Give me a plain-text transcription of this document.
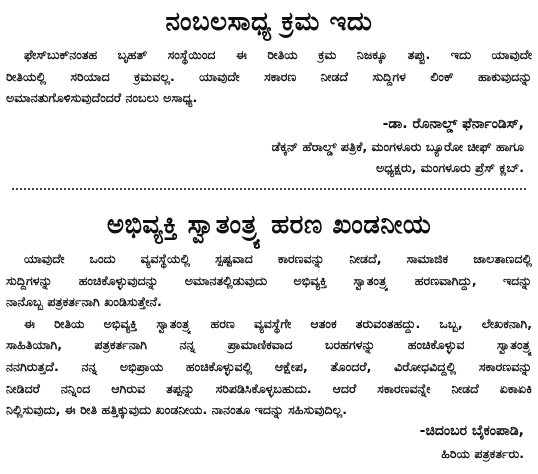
ನಂಬಲಸಾಧ್ಯ ಕ್ರಮ ಇದು
ಫೇಸ್‌ಬುಕ್‌ನಂತಹ ಬೃಹತ್ ಸಂಸ್ಥೆಯಿಂದ ಈ ರೀತಿಯ ಕ್ರಮ ನಿಜಕ್ಕೂ ತಪ್ಪು. ಇದು ಯಾವುದೇ
ರೀತಿಯಲ್ಲಿ ಸರಿಯಾದ ಕ್ರಮವಲ್ಲ. ಯಾವುದೇ ಸಕಾರಣ ನೀಡದೆ ಸುದ್ದಿಗಳ ಲಿಂಕ್ ಹಾಕುವುದನ್ನು
ಅಮಾನತುಗೊಳಿಸುವುದೆಂದರೆ ನಂಬಲು ಅಸಾಧ್ಯ.
-ಡಾ. ರೊನಾಲ್ಡ್ ಫೆರ್ನಾಂಡಿಸ್,
ಡೆಕ್ಕನ್ ಹೆರಾಲ್ಡ್ ಪತ್ರಿಕೆ, ಮಂಗಳೂರು ಬ್ಯೂರೋ ಚೀಫ್ ಹಾಗೂ
ಅಧ್ಯಕ್ಷರು, ಮಂಗಳೂರು ಪ್ರೆಸ್ ಕ್ಲಬ್.
ಅಭಿವ್ಯಕ್ತಿ ಸ್ವಾತಂತ್ರ್ಯ ಹರಣ ಖಂಡನೀಯ
ಯಾವುದೇ ಒಂದು ವ್ಯವಸ್ಥೆಯಲ್ಲಿ ಸ್ಪಷ್ಟವಾದ ಕಾರಣವನ್ನು ನೀಡದೆ, ಸಾಮಾಜಿಕ ಜಾಲತಾಣದಲ್ಲಿ
ಸುದ್ದಿಗಳನ್ನು ಹಂಚಿಕೊಳ್ಳುವುದನ್ನು ಅಮಾನತಲ್ಲಿಡುವುದು ಅಭಿವ್ಯಕ್ತಿ ಸ್ವಾತಂತ್ರ್ಯ ಹರಣವಾಗಿದ್ದು, ಇದನ್ನು
ನಾನೊಬ್ಬ ಪತ್ರಕರ್ತನಾಗಿ ಖಂಡಿಸುತ್ತೇನೆ.
ಈ ರೀತಿಯ ಅಭಿವ್ಯಕ್ತಿ ಸ್ವಾತಂತ್ರ್ಯ ಹರಣ ವ್ಯವಸ್ಥೆಗೇ ಆತಂಕ ತರುವಂತಹದ್ದು. ಒಬ್ಬ, ಲೇಖಕನಾಗಿ,
ಸಾಹಿತಿಯಾಗಿ, ಪತ್ರಕರ್ತನಾಗಿ ನನ್ನ ಪ್ರಾಮಾಣಿಕವಾದ ಬರಹಗಳನ್ನು ಹಂಚಿಕೊಳ್ಳುವ ಸ್ವಾತಂತ್ರ್ಯ
ನನಗಿರುತ್ತದೆ. ನನ್ನ ಅಭಿಪ್ರಾಯ ಹಂಚಿಕೊಳ್ಳುವಲ್ಲಿ ಆಕ್ಷೇಪ, ತೊಂದರೆ, ವಿರೋಧವಿದ್ದಲ್ಲಿ ಸಕಾರಣವನ್ನು
ನೀಡಿದರೆ ನನ್ನಿಂದ ಆಗಿರುವ ತಪ್ಪನ್ನು ಸರಿಪಡಿಸಿಕೊಳ್ಳಬಹುದು. ಆದರೆ ಸಕಾರಣವನ್ನೇ ನೀಡದೆ ಏಕಾಏಕಿ
ನಿಲ್ಲಿಸುವುದು, ಈ ರೀತಿ ಹತ್ತಿಕ್ಕುವುದು ಖಂಡನೀಯ. ನಾನಂತೂ ಇದನ್ನು ಸಹಿಸುವುದಿಲ್ಲ.
-ಚಿದಂಬರ ಬೈಕಂಪಾಡಿ,
ಹಿರಿಯ ಪತ್ರಕರ್ತರು.
